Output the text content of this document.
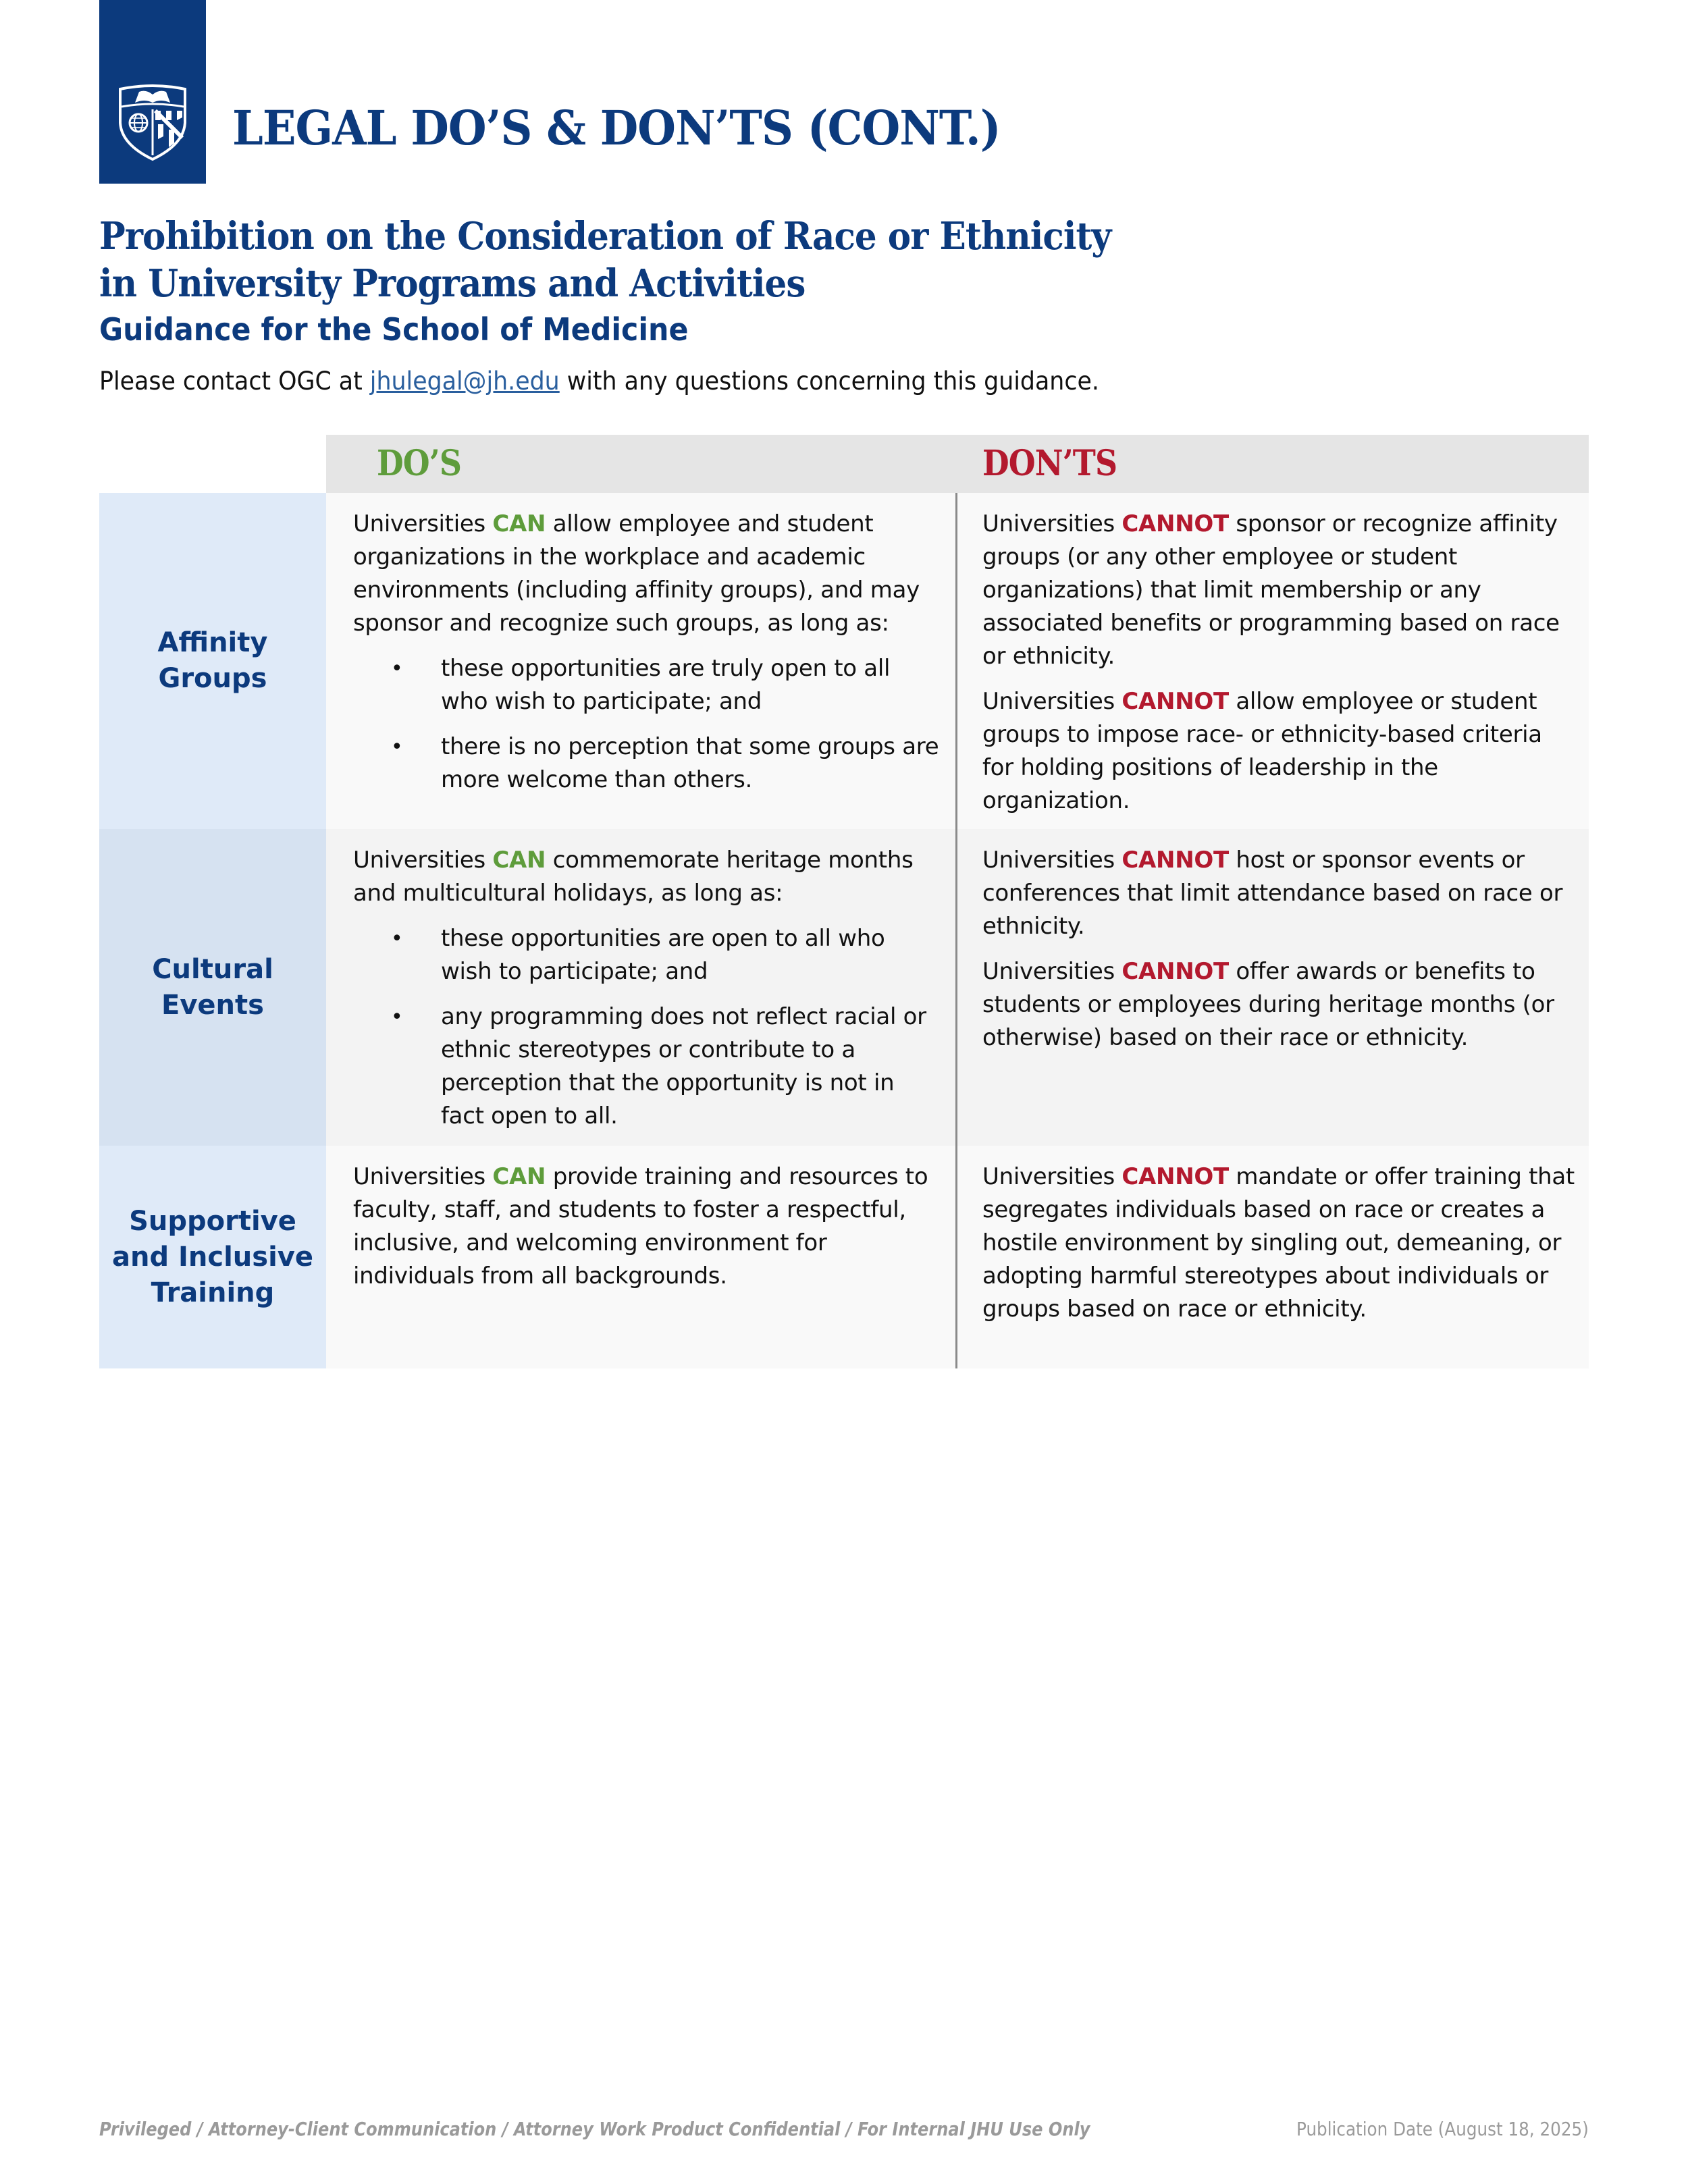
LEGAL DO’S & DON’TS (CONT.)
Prohibition on the Consideration of Race or Ethnicity
in University Programs and Activities
Guidance for the School of Medicine
Please contact OGC at jhulegal@jh.edu with any questions concerning this guidance.
DO’S	DON’TS
Affinity
Groups
Universities CAN allow employee and student organizations in the workplace and academic environments (including affinity groups), and may sponsor and recognize such groups, as long as:
• these opportunities are truly open to all who wish to participate; and
• there is no perception that some groups are more welcome than others.
Universities CANNOT sponsor or recognize affinity groups (or any other employee or student organizations) that limit membership or any associated benefits or programming based on race or ethnicity.
Universities CANNOT allow employee or student groups to impose race- or ethnicity-based criteria for holding positions of leadership in the organization.
Cultural
Events
Universities CAN commemorate heritage months and multicultural holidays, as long as:
• these opportunities are open to all who wish to participate; and
• any programming does not reflect racial or ethnic stereotypes or contribute to a perception that the opportunity is not in fact open to all.
Universities CANNOT host or sponsor events or conferences that limit attendance based on race or ethnicity.
Universities CANNOT offer awards or benefits to students or employees during heritage months (or otherwise) based on their race or ethnicity.
Supportive
and Inclusive
Training
Universities CAN provide training and resources to faculty, staff, and students to foster a respectful, inclusive, and welcoming environment for individuals from all backgrounds.
Universities CANNOT mandate or offer training that segregates individuals based on race or creates a hostile environment by singling out, demeaning, or adopting harmful stereotypes about individuals or groups based on race or ethnicity.
Privileged / Attorney-Client Communication / Attorney Work Product Confidential / For Internal JHU Use Only	Publication Date (August 18, 2025)
